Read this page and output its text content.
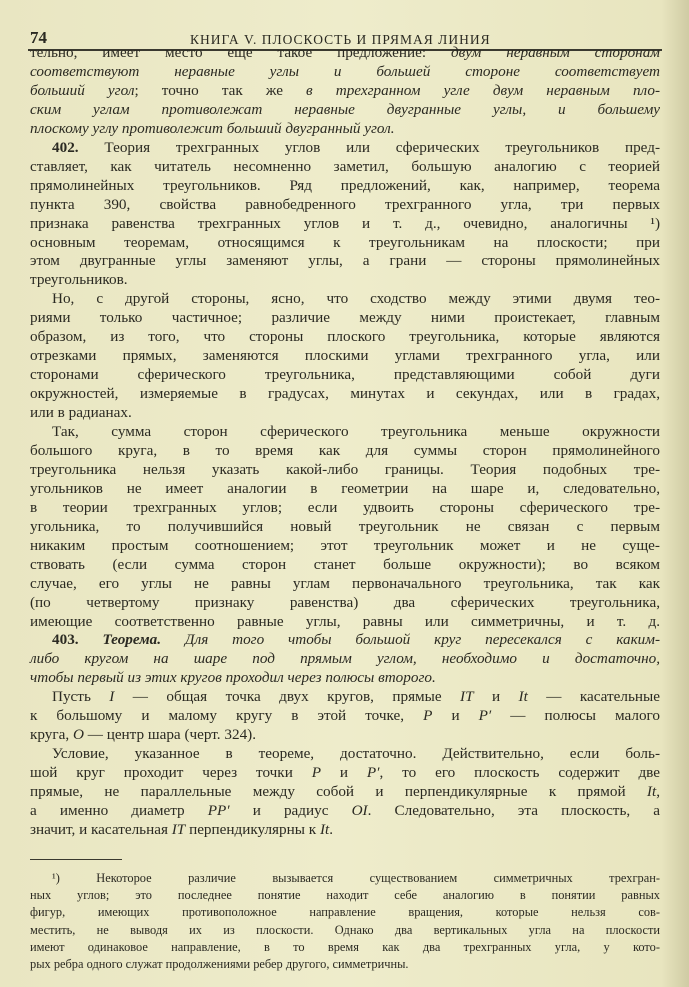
74	КНИГА V. ПЛОСКОСТЬ И ПРЯМАЯ ЛИНИЯ
тельно, имеет место еще такое предложение: двум неравным сторонам
соответствуют неравные углы и большей стороне соответствует
больший угол; точно так же в трехгранном угле двум неравным пло-
ским углам противолежат неравные двугранные углы, и большему
плоскому углу противолежит больший двугранный угол.
402. Теория трехгранных углов или сферических треугольников пред-
ставляет, как читатель несомненно заметил, большую аналогию с теорией
прямолинейных треугольников. Ряд предложений, как, например, теорема
пункта 390, свойства равнобедренного трехгранного угла, три первых
признака равенства трехгранных углов и т. д., очевидно, аналогичны ¹)
основным теоремам, относящимся к треугольникам на плоскости; при
этом двугранные углы заменяют углы, а грани — стороны прямолинейных
треугольников.
Но, с другой стороны, ясно, что сходство между этими двумя тео-
риями только частичное; различие между ними проистекает, главным
образом, из того, что стороны плоского треугольника, которые являются
отрезками прямых, заменяются плоскими углами трехгранного угла, или
сторонами сферического треугольника, представляющими собой дуги
окружностей, измеряемые в градусах, минутах и секундах, или в градах,
или в радианах.
Так, сумма сторон сферического треугольника меньше окружности
большого круга, в то время как для суммы сторон прямолинейного
треугольника нельзя указать какой-либо границы. Теория подобных тре-
угольников не имеет аналогии в геометрии на шаре и, следовательно,
в теории трехгранных углов; если удвоить стороны сферического тре-
угольника, то получившийся новый треугольник не связан с первым
никаким простым соотношением; этот треугольник может и не суще-
ствовать (если сумма сторон станет больше окружности); во всяком
случае, его углы не равны углам первоначального треугольника, так как
(по четвертому признаку равенства) два сферических треугольника,
имеющие соответственно равные углы, равны или симметричны, и т. д.
403. Теорема. Для того чтобы большой круг пересекался с каким-
либо кругом на шаре под прямым углом, необходимо и достаточно,
чтобы первый из этих кругов проходил через полюсы второго.
Пусть I — общая точка двух кругов, прямые IT и It — касательные
к большому и малому кругу в этой точке, P и P′ — полюсы малого
круга, O — центр шара (черт. 324).
Условие, указанное в теореме, достаточно. Действительно, если боль-
шой круг проходит через точки P и P′, то его плоскость содержит две
прямые, не параллельные между собой и перпендикулярные к прямой It,
а именно диаметр PP′ и радиус OI. Следовательно, эта плоскость, а
значит, и касательная IT перпендикулярны к It.
¹) Некоторое различие вызывается существованием симметричных трехгран-
ных углов; это последнее понятие находит себе аналогию в понятии равных
фигур, имеющих противоположное направление вращения, которые нельзя сов-
местить, не выводя их из плоскости. Однако два вертикальных угла на плоскости
имеют одинаковое направление, в то время как два трехгранных угла, у кото-
рых ребра одного служат продолжениями ребер другого, симметричны.
